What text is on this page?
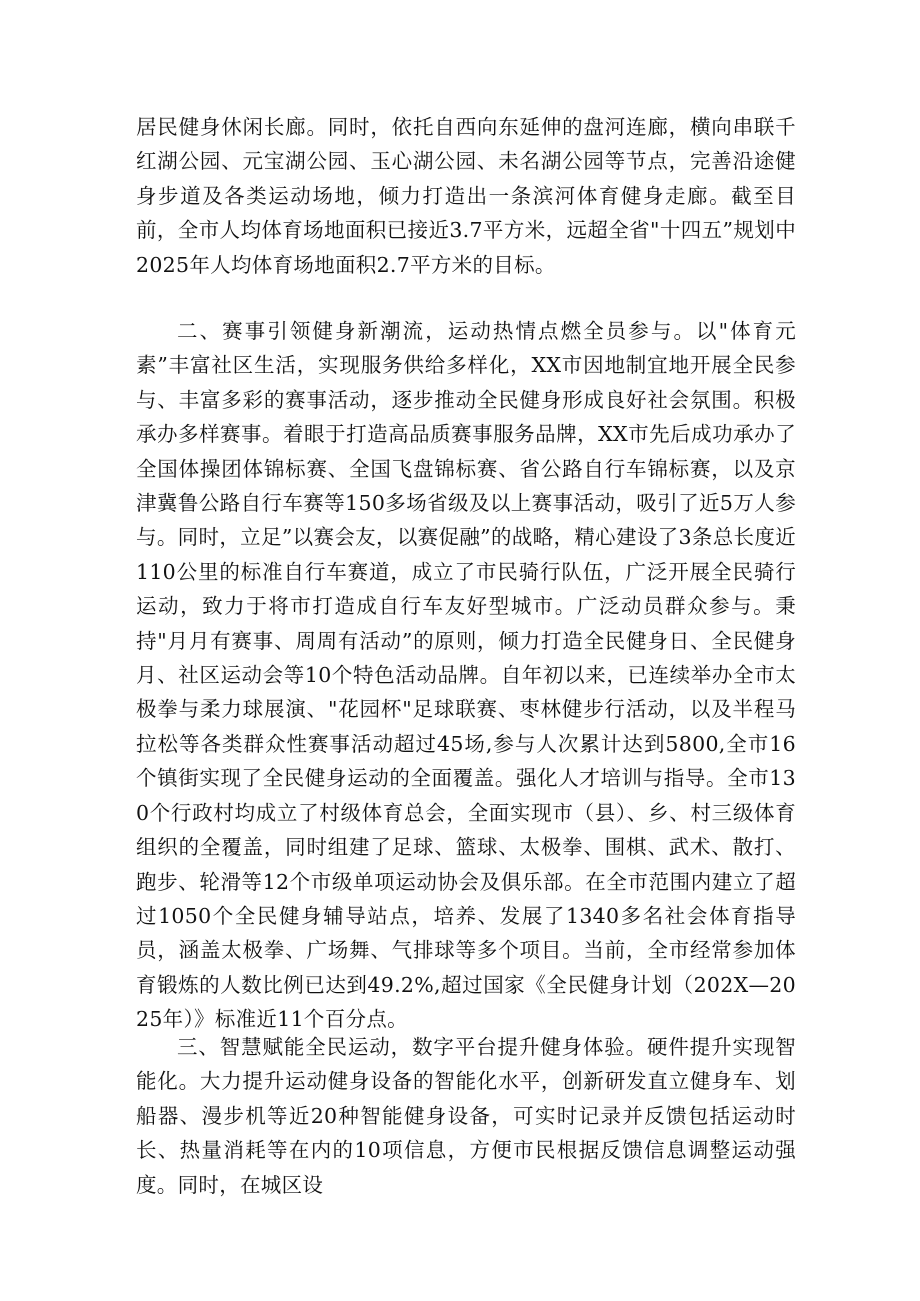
居民健身休闲长廊。同时，依托自西向东延伸的盘河连廊，横向串联千红湖公园、元宝湖公园、玉心湖公园、未名湖公园等节点，完善沿途健身步道及各类运动场地，倾力打造出一条滨河体育健身走廊。截至目前，全市人均体育场地面积已接近3.7平方米，远超全省"十四五”规划中2025年人均体育场地面积2.7平方米的目标。

二、赛事引领健身新潮流，运动热情点燃全员参与。以"体育元素”丰富社区生活，实现服务供给多样化，XX市因地制宜地开展全民参与、丰富多彩的赛事活动，逐步推动全民健身形成良好社会氛围。积极承办多样赛事。着眼于打造高品质赛事服务品牌，XX市先后成功承办了全国体操团体锦标赛、全国飞盘锦标赛、省公路自行车锦标赛，以及京津冀鲁公路自行车赛等150多场省级及以上赛事活动，吸引了近5万人参与。同时，立足”以赛会友，以赛促融”的战略，精心建设了3条总长度近110公里的标准自行车赛道，成立了市民骑行队伍，广泛开展全民骑行运动，致力于将市打造成自行车友好型城市。广泛动员群众参与。秉持"月月有赛事、周周有活动”的原则，倾力打造全民健身日、全民健身月、社区运动会等10个特色活动品牌。自年初以来，已连续举办全市太极拳与柔力球展演、"花园杯"足球联赛、枣林健步行活动，以及半程马拉松等各类群众性赛事活动超过45场,参与人次累计达到5800,全市16个镇街实现了全民健身运动的全面覆盖。强化人才培训与指导。全市130个行政村均成立了村级体育总会，全面实现市（县）、乡、村三级体育组织的全覆盖，同时组建了足球、篮球、太极拳、围棋、武术、散打、跑步、轮滑等12个市级单项运动协会及俱乐部。在全市范围内建立了超过1050个全民健身辅导站点，培养、发展了1340多名社会体育指导员，涵盖太极拳、广场舞、气排球等多个项目。当前，全市经常参加体育锻炼的人数比例已达到49.2%,超过国家《全民健身计划（202X—2025年）》标准近11个百分点。

三、智慧赋能全民运动，数字平台提升健身体验。硬件提升实现智能化。大力提升运动健身设备的智能化水平，创新研发直立健身车、划船器、漫步机等近20种智能健身设备，可实时记录并反馈包括运动时长、热量消耗等在内的10项信息，方便市民根据反馈信息调整运动强度。同时，在城区设
